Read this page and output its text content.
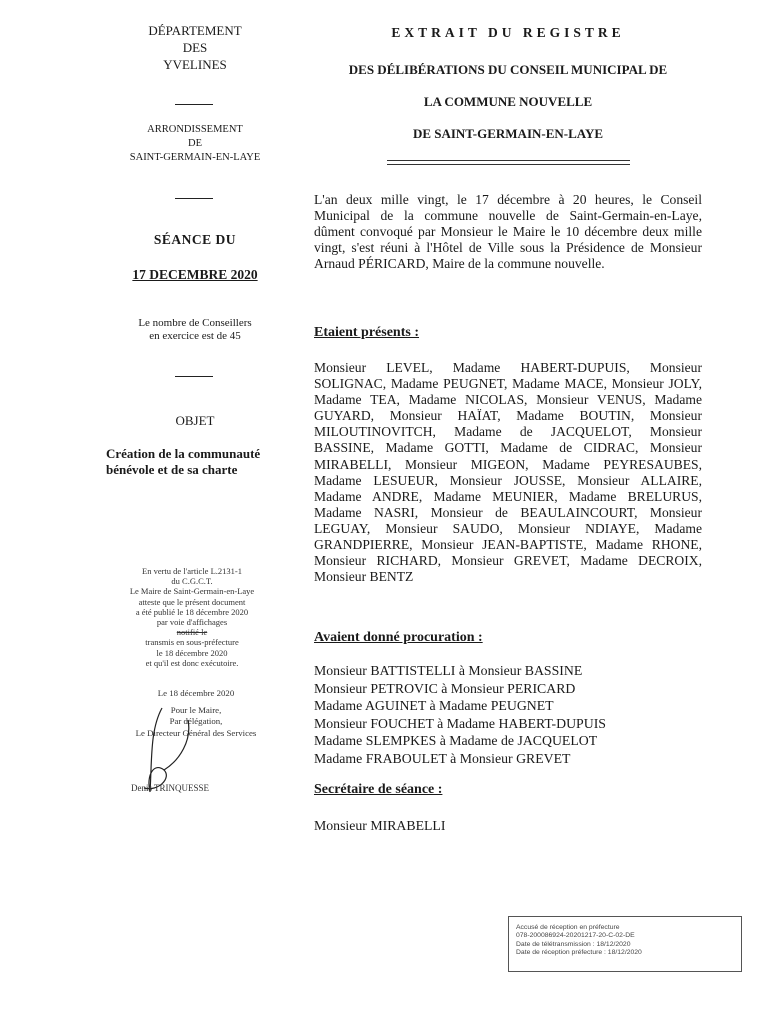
DÉPARTEMENT
DES
YVELINES
ARRONDISSEMENT
DE
SAINT-GERMAIN-EN-LAYE
SÉANCE DU
17 DECEMBRE 2020
Le nombre de Conseillers
en exercice est de 45
OBJET
Création de la communauté bénévole et de sa charte
En vertu de l'article L.2131-1
du C.G.C.T.
Le Maire de Saint-Germain-en-Laye
atteste que le présent document
a été publié le 18 décembre 2020
par voie d'affichages
notifié le
transmis en sous-préfecture
le 18 décembre 2020
et qu'il est donc exécutoire.
Le 18 décembre 2020
Pour le Maire,
Par délégation,
Le Directeur Général des Services
Denis TRINQUESSE
EXTRAIT DU REGISTRE
DES DÉLIBÉRATIONS DU CONSEIL MUNICIPAL DE
LA COMMUNE NOUVELLE
DE SAINT-GERMAIN-EN-LAYE
L'an deux mille vingt, le 17 décembre à 20 heures, le Conseil Municipal de la commune nouvelle de Saint-Germain-en-Laye, dûment convoqué par Monsieur le Maire le 10 décembre deux mille vingt, s'est réuni à l'Hôtel de Ville sous la Présidence de Monsieur Arnaud PÉRICARD, Maire de la commune nouvelle.
Etaient présents :
Monsieur LEVEL, Madame HABERT-DUPUIS, Monsieur SOLIGNAC, Madame PEUGNET, Madame MACE, Monsieur JOLY, Madame TEA, Madame NICOLAS, Monsieur VENUS, Madame GUYARD, Monsieur HAÏAT, Madame BOUTIN, Monsieur MILOUTINOVITCH, Madame de JACQUELOT, Monsieur BASSINE, Madame GOTTI, Madame de CIDRAC, Monsieur MIRABELLI, Monsieur MIGEON, Madame PEYRESAUBES, Madame LESUEUR, Monsieur JOUSSE, Monsieur ALLAIRE, Madame ANDRE, Madame MEUNIER, Madame BRELURUS, Madame NASRI, Monsieur de BEAULAINCOURT, Monsieur LEGUAY, Monsieur SAUDO, Monsieur NDIAYE, Madame GRANDPIERRE, Monsieur JEAN-BAPTISTE, Madame RHONE, Monsieur RICHARD, Monsieur GREVET, Madame DECROIX, Monsieur BENTZ
Avaient donné procuration :
Monsieur BATTISTELLI à Monsieur BASSINE
Monsieur PETROVIC à Monsieur PERICARD
Madame AGUINET à Madame PEUGNET
Monsieur FOUCHET à Madame HABERT-DUPUIS
Madame SLEMPKES à Madame de JACQUELOT
Madame FRABOULET à Monsieur GREVET
Secrétaire de séance :
Monsieur MIRABELLI
Accusé de réception en préfecture
078-200086924-20201217-20-C-02-DE
Date de télétransmission : 18/12/2020
Date de réception préfecture : 18/12/2020
